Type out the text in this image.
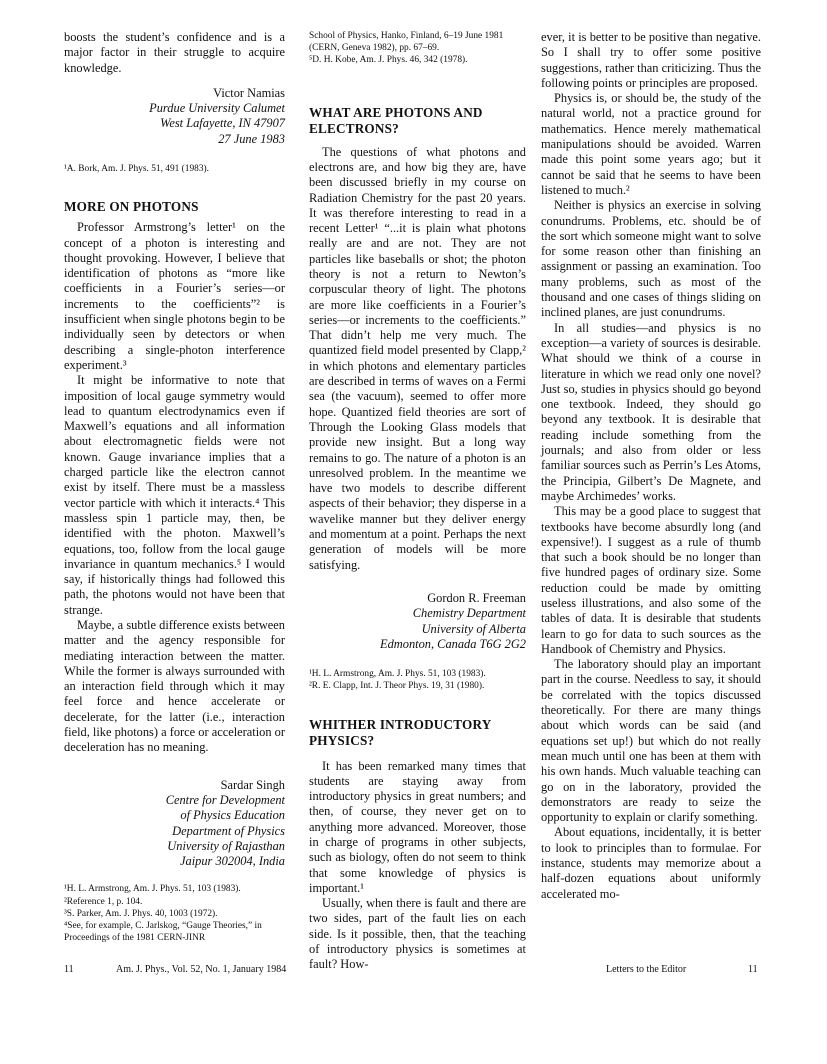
boosts the student’s confidence and is a major factor in their struggle to acquire knowledge.

Victor Namias
Purdue University Calumet
West Lafayette, IN 47907
27 June 1983
¹A. Bork, Am. J. Phys. 51, 491 (1983).
MORE ON PHOTONS

Professor Armstrong’s letter¹ on the concept of a photon is interesting and thought provoking. However, I believe that identification of photons as “more like coefficients in a Fourier’s series—or increments to the coefficients”² is insufficient when single photons begin to be individually seen by detectors or when describing a single-photon interference experiment.³

It might be informative to note that imposition of local gauge symmetry would lead to quantum electrodynamics even if Maxwell’s equations and all information about electromagnetic fields were not known. Gauge invariance implies that a charged particle like the electron cannot exist by itself. There must be a massless vector particle with which it interacts.⁴ This massless spin 1 particle may, then, be identified with the photon. Maxwell’s equations, too, follow from the local gauge invariance in quantum mechanics.⁵ I would say, if historically things had followed this path, the photons would not have been that strange.

Maybe, a subtle difference exists between matter and the agency responsible for mediating interaction between the matter. While the former is always surrounded with an interaction field through which it may feel force and hence accelerate or decelerate, for the latter (i.e., interaction field, like photons) a force or acceleration or deceleration has no meaning.

Sardar Singh
Centre for Development
of Physics Education
Department of Physics
University of Rajasthan
Jaipur 302004, India
¹H. L. Armstrong, Am. J. Phys. 51, 103 (1983).
²Reference 1, p. 104.
³S. Parker, Am. J. Phys. 40, 1003 (1972).
⁴See, for example, C. Jarlskog, “Gauge Theories,” in Proceedings of the 1981 CERN-JINR
School of Physics, Hanko, Finland, 6–19 June 1981 (CERN, Geneva 1982), pp. 67–69.
⁵D. H. Kobe, Am. J. Phys. 46, 342 (1978).
WHAT ARE PHOTONS AND
ELECTRONS?

The questions of what photons and electrons are, and how big they are, have been discussed briefly in my course on Radiation Chemistry for the past 20 years. It was therefore interesting to read in a recent Letter¹ “...it is plain what photons really are and are not. They are not particles like baseballs or shot; the photon theory is not a return to Newton’s corpuscular theory of light. The photons are more like coefficients in a Fourier’s series—or increments to the coefficients.” That didn’t help me very much. The quantized field model presented by Clapp,² in which photons and elementary particles are described in terms of waves on a Fermi sea (the vacuum), seemed to offer more hope. Quantized field theories are sort of Through the Looking Glass models that provide new insight. But a long way remains to go. The nature of a photon is an unresolved problem. In the meantime we have two models to describe different aspects of their behavior; they disperse in a wavelike manner but they deliver energy and momentum at a point. Perhaps the next generation of models will be more satisfying.

Gordon R. Freeman
Chemistry Department
University of Alberta
Edmonton, Canada T6G 2G2
¹H. L. Armstrong, Am. J. Phys. 51, 103 (1983).
²R. E. Clapp, Int. J. Theor Phys. 19, 31 (1980).
WHITHER INTRODUCTORY
PHYSICS?

It has been remarked many times that students are staying away from introductory physics in great numbers; and then, of course, they never get on to anything more advanced. Moreover, those in charge of programs in other subjects, such as biology, often do not seem to think that some knowledge of physics is important.¹

Usually, when there is fault and there are two sides, part of the fault lies on each side. Is it possible, then, that the teaching of introductory physics is sometimes at fault? How-

ever, it is better to be positive than negative. So I shall try to offer some positive suggestions, rather than criticizing. Thus the following points or principles are proposed.

Physics is, or should be, the study of the natural world, not a practice ground for mathematics. Hence merely mathematical manipulations should be avoided. Warren made this point some years ago; but it cannot be said that he seems to have been listened to much.²

Neither is physics an exercise in solving conundrums. Problems, etc. should be of the sort which someone might want to solve for some reason other than finishing an assignment or passing an examination. Too many problems, such as most of the thousand and one cases of things sliding on inclined planes, are just conundrums.

In all studies—and physics is no exception—a variety of sources is desirable. What should we think of a course in literature in which we read only one novel? Just so, studies in physics should go beyond one textbook. Indeed, they should go beyond any textbook. It is desirable that reading include something from the journals; and also from older or less familiar sources such as Perrin’s Les Atoms, the Principia, Gilbert’s De Magnete, and maybe Archimedes’ works.

This may be a good place to suggest that textbooks have become absurdly long (and expensive!). I suggest as a rule of thumb that such a book should be no longer than five hundred pages of ordinary size. Some reduction could be made by omitting useless illustrations, and also some of the tables of data. It is desirable that students learn to go for data to such sources as the Handbook of Chemistry and Physics.

The laboratory should play an important part in the course. Needless to say, it should be correlated with the topics discussed theoretically. For there are many things about which words can be said (and equations set up!) but which do not really mean much until one has been at them with his own hands. Much valuable teaching can go on in the laboratory, provided the demonstrators are ready to seize the opportunity to explain or clarify something.

About equations, incidentally, it is better to look to principles than to formulae. For instance, students may memorize about a half-dozen equations about uniformly accelerated mo-

11	Am. J. Phys., Vol. 52, No. 1, January 1984	Letters to the Editor	11
